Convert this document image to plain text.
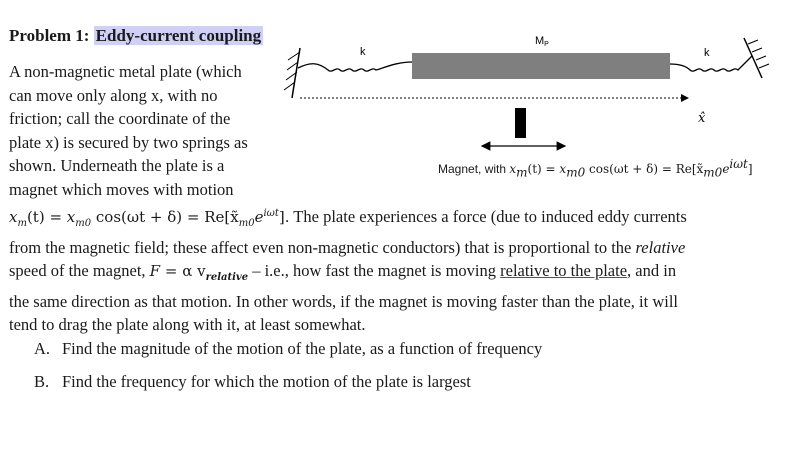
Problem 1: Eddy-current coupling
A non-magnetic metal plate (which
can move only along x, with no
friction; call the coordinate of the
plate x) is secured by two springs as
shown. Underneath the plate is a
magnet which moves with motion
$x_m(t) = x_{m0}$ $\cos(\omega t + \delta) = Re[x̃_{m0}e^{i\omega t}]$. The plate experiences a force (due to induced eddy currents
from the magnetic field; these affect even non-magnetic conductors) that is proportional to the relative
speed of the magnet, F = α $v_{relative} - i.e$., how fast the magnet is moving relative to the plate, and in
the same direction as that motion. In other words, if the magnet is moving faster than the plate, it will
tend to drag the plate along with it, at least somewhat.
A. Find the magnitude of the motion of the plate, as a function of frequency
B. Find the frequency for which the motion of the plate is largest
k
MP
k
x̂
Magnet, with $x_m(t) = x_{m0}$ $\cos(\omega t + \delta) = Re[x̃_{m0}e^{i\omega t}]$
